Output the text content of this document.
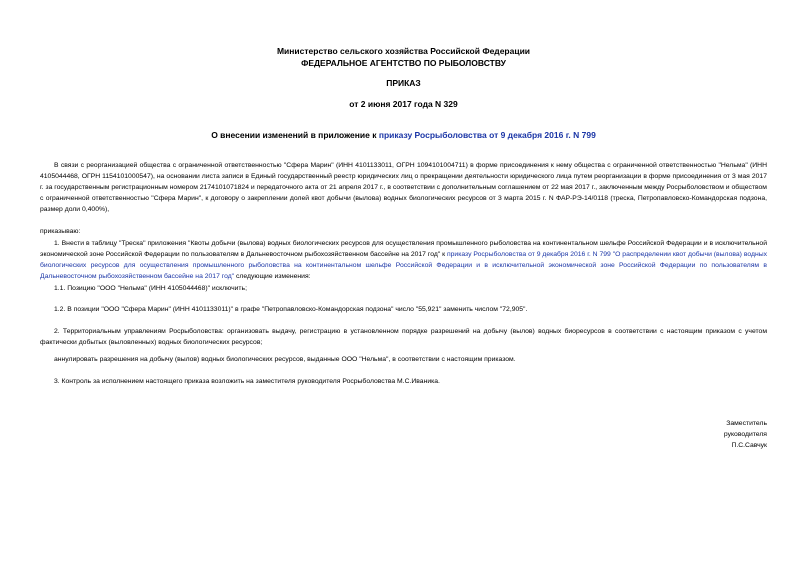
Министерство сельского хозяйства Российской Федерации
ФЕДЕРАЛЬНОЕ АГЕНТСТВО ПО РЫБОЛОВСТВУ
ПРИКАЗ
от 2 июня 2017 года N 329
О внесении изменений в приложение к приказу Росрыболовства от 9 декабря 2016 г. N 799
В связи с реорганизацией общества с ограниченной ответственностью "Сфера Марин" (ИНН 4101133011, ОГРН 1094101004711) в форме присоединения к нему общества с ограниченной ответственностью "Нельма" (ИНН 4105044468, ОГРН 1154101000547), на основании листа записи в Единый государственный реестр юридических лиц о прекращении деятельности юридического лица путем реорганизации в форме присоединения от 3 мая 2017 г. за государственным регистрационным номером 2174101071824 и передаточного акта от 21 апреля 2017 г., в соответствии с дополнительным соглашением от 22 мая 2017 г., заключенным между Росрыболовством и обществом с ограниченной ответственностью "Сфера Марин", к договору о закреплении долей квот добычи (вылова) водных биологических ресурсов от 3 марта 2015 г. N ФАР-РЭ-14/0118 (треска, Петропавловско-Командорская подзона, размер доли 0,400%),
приказываю:
1. Внести в таблицу "Треска" приложения "Квоты добычи (вылова) водных биологических ресурсов для осуществления промышленного рыболовства на континентальном шельфе Российской Федерации и в исключительной экономической зоне Российской Федерации по пользователям в Дальневосточном рыбохозяйственном бассейне на 2017 год" к приказу Росрыболовства от 9 декабря 2016 г. N 799 "О распределении квот добычи (вылова) водных биологических ресурсов для осуществления промышленного рыболовства на континентальном шельфе Российской Федерации и в исключительной экономической зоне Российской Федерации по пользователям в Дальневосточном рыбохозяйственном бассейне на 2017 год" следующие изменения:
1.1. Позицию "ООО "Нельма" (ИНН 4105044468)" исключить;
1.2. В позиции "ООО "Сфера Марин" (ИНН 4101133011)" в графе "Петропавловско-Командорская подзона" число "55,921" заменить числом "72,905".
2. Территориальным управлениям Росрыболовства: организовать выдачу, регистрацию в установленном порядке разрешений на добычу (вылов) водных биоресурсов в соответствии с настоящим приказом с учетом фактически добытых (выловленных) водных биологических ресурсов;
аннулировать разрешения на добычу (вылов) водных биологических ресурсов, выданные ООО "Нельма", в соответствии с настоящим приказом.
3. Контроль за исполнением настоящего приказа возложить на заместителя руководителя Росрыболовства М.С.Иваника.
Заместитель
руководителя
П.С.Савчук
